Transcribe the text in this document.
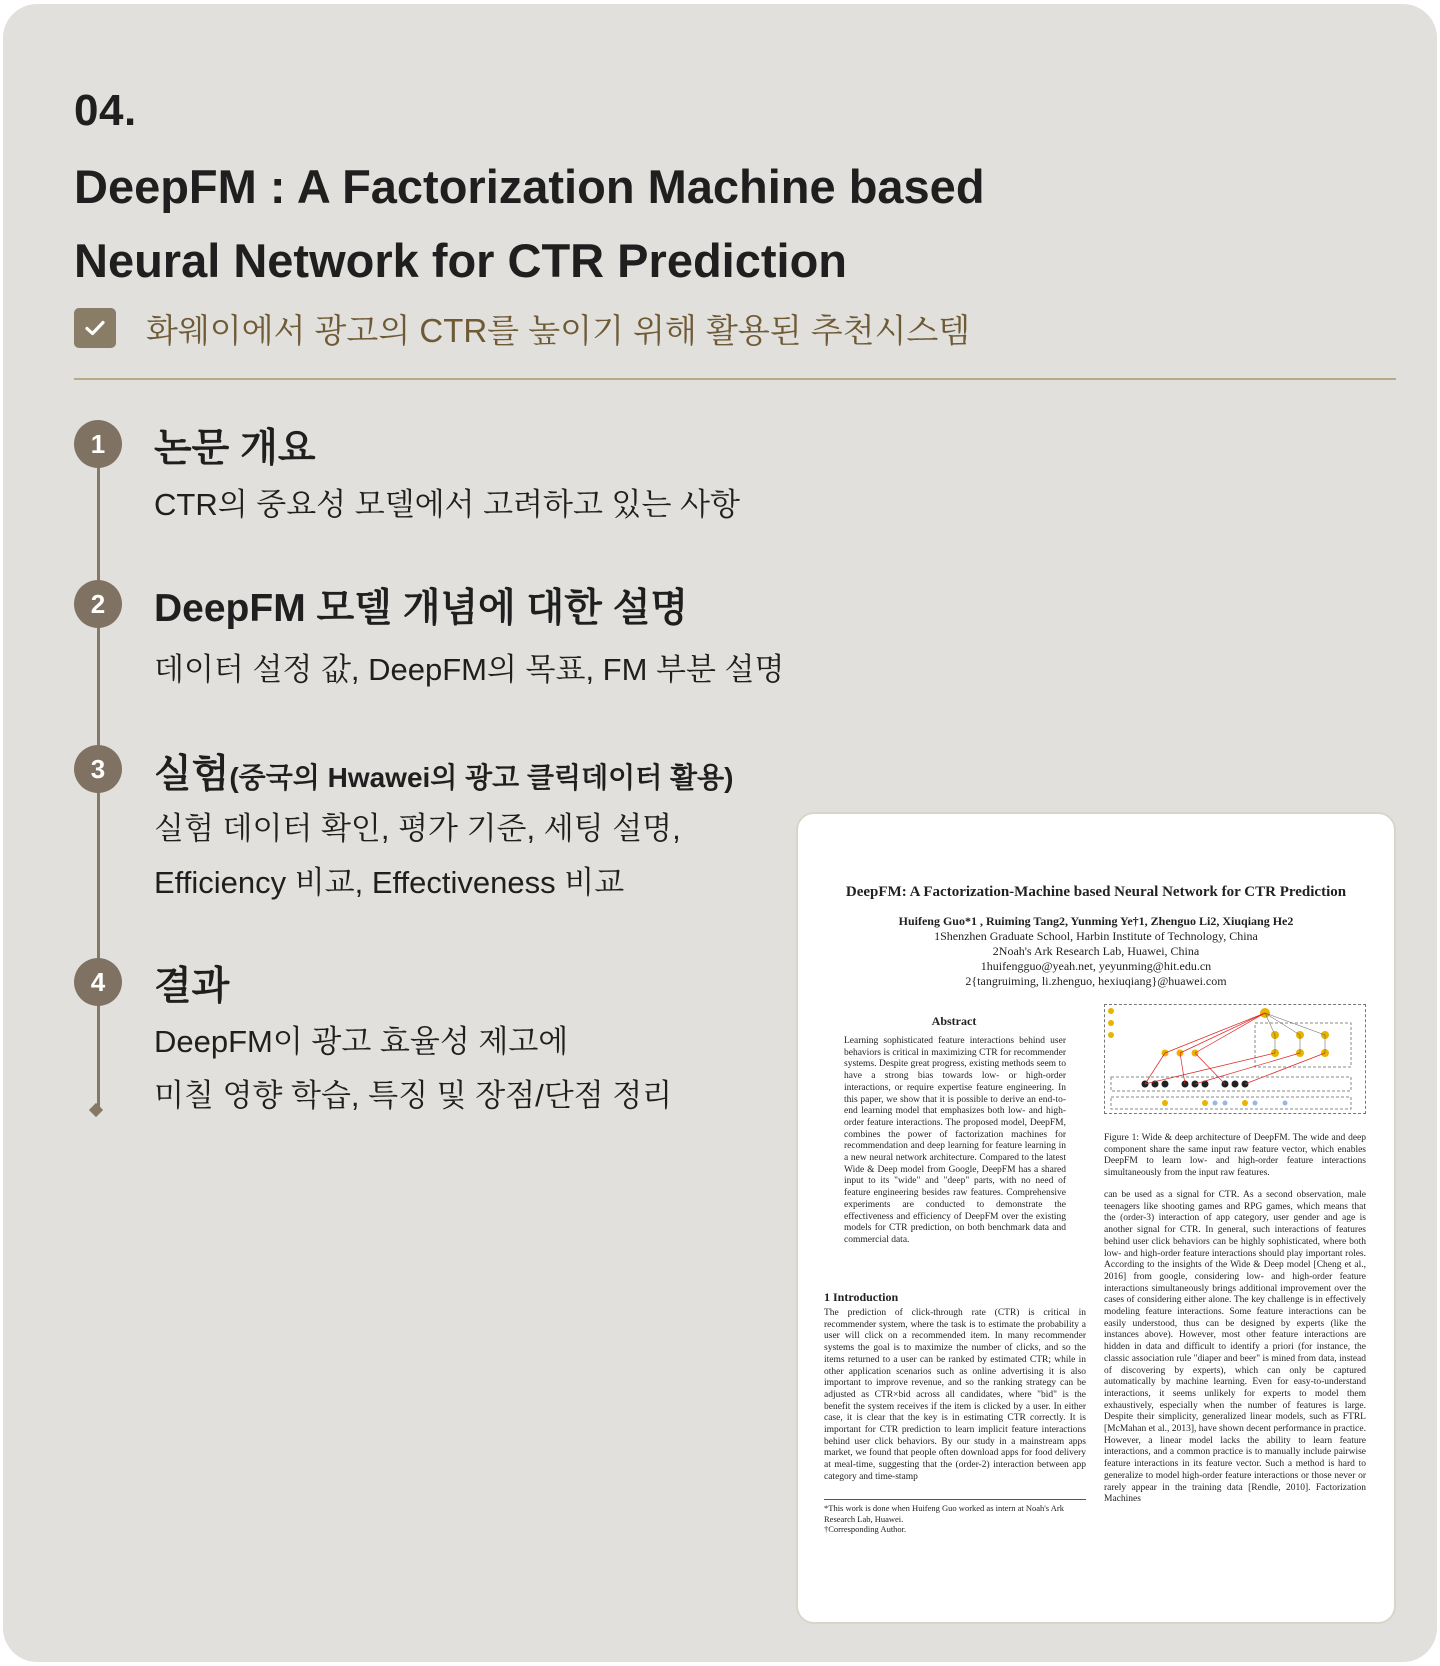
04.
DeepFM : A Factorization Machine based Neural Network for CTR Prediction
화웨이에서 광고의 CTR를 높이기 위해 활용된 추천시스템
1	논문 개요
CTR의 중요성 모델에서 고려하고 있는 사항
2	DeepFM 모델 개념에 대한 설명
데이터 설정 값, DeepFM의 목표, FM 부분 설명
3	실험(중국의 Hwawei의 광고 클릭데이터 활용)
실험 데이터 확인, 평가 기준, 세팅 설명,
Efficiency 비교, Effectiveness 비교
4	결과
DeepFM이 광고 효율성 제고에
미칠 영향 학습, 특징 및 장점/단점 정리
DeepFM: A Factorization-Machine based Neural Network for CTR Prediction
Huifeng Guo*1 , Ruiming Tang2, Yunming Ye†1, Zhenguo Li2, Xiuqiang He2
1Shenzhen Graduate School, Harbin Institute of Technology, China
2Noah's Ark Research Lab, Huawei, China
1huifengguo@yeah.net, yeyunming@hit.edu.cn
2{tangruiming, li.zhenguo, hexiuqiang}@huawei.com
Abstract
Learning sophisticated feature interactions behind user behaviors is critical in maximizing CTR for recommender systems. Despite great progress, existing methods seem to have a strong bias towards low- or high-order interactions, or require expertise feature engineering. In this paper, we show that it is possible to derive an end-to-end learning model that emphasizes both low- and high-order feature interactions. The proposed model, DeepFM, combines the power of factorization machines for recommendation and deep learning for feature learning in a new neural network architecture. Compared to the latest Wide & Deep model from Google, DeepFM has a shared input to its "wide" and "deep" parts, with no need of feature engineering besides raw features. Comprehensive experiments are conducted to demonstrate the effectiveness and efficiency of DeepFM over the existing models for CTR prediction, on both benchmark data and commercial data.
1 Introduction
The prediction of click-through rate (CTR) is critical in recommender system, where the task is to estimate the probability a user will click on a recommended item. In many recommender systems the goal is to maximize the number of clicks, and so the items returned to a user can be ranked by estimated CTR; while in other application scenarios such as online advertising it is also important to improve revenue, and so the ranking strategy can be adjusted as CTR×bid across all candidates, where "bid" is the benefit the system receives if the item is clicked by a user. In either case, it is clear that the key is in estimating CTR correctly. It is important for CTR prediction to learn implicit feature interactions behind user click behaviors. By our study in a mainstream apps market, we found that people often download apps for food delivery at meal-time, suggesting that the (order-2) interaction between app category and time-stamp
*This work is done when Huifeng Guo worked as intern at Noah's Ark Research Lab, Huawei.
†Corresponding Author.
Figure 1: Wide & deep architecture of DeepFM. The wide and deep component share the same input raw feature vector, which enables DeepFM to learn low- and high-order feature interactions simultaneously from the input raw features.
can be used as a signal for CTR. As a second observation, male teenagers like shooting games and RPG games, which means that the (order-3) interaction of app category, user gender and age is another signal for CTR. In general, such interactions of features behind user click behaviors can be highly sophisticated, where both low- and high-order feature interactions should play important roles. According to the insights of the Wide & Deep model [Cheng et al., 2016] from google, considering low- and high-order feature interactions simultaneously brings additional improvement over the cases of considering either alone. The key challenge is in effectively modeling feature interactions. Some feature interactions can be easily understood, thus can be designed by experts (like the instances above). However, most other feature interactions are hidden in data and difficult to identify a priori (for instance, the classic association rule "diaper and beer" is mined from data, instead of discovering by experts), which can only be captured automatically by machine learning. Even for easy-to-understand interactions, it seems unlikely for experts to model them exhaustively, especially when the number of features is large. Despite their simplicity, generalized linear models, such as FTRL [McMahan et al., 2013], have shown decent performance in practice. However, a linear model lacks the ability to learn feature interactions, and a common practice is to manually include pairwise feature interactions in its feature vector. Such a method is hard to generalize to model high-order feature interactions or those never or rarely appear in the training data [Rendle, 2010]. Factorization Machines
